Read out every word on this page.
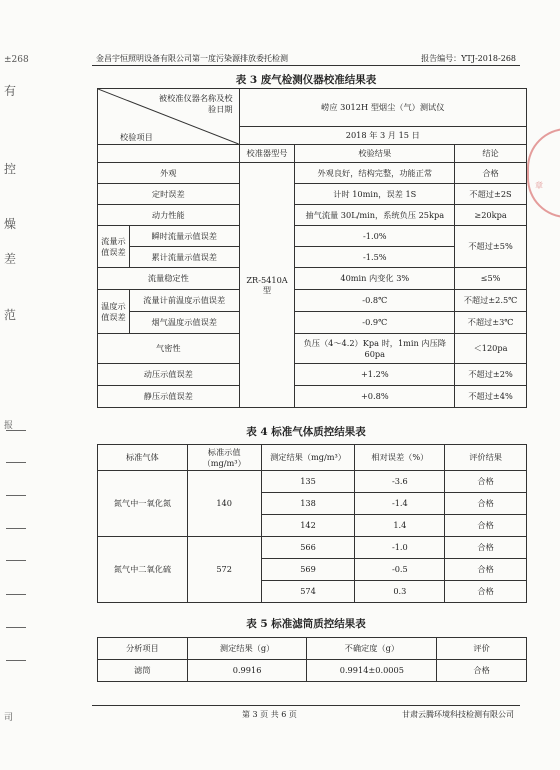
±268
有
控
燥
差
范
报
司
金昌宇恒照明设备有限公司第一度污染源排放委托检测	报告编号：YTJ-2018-268
表 3 废气检测仪器校准结果表
被校准仪器名称及校验日期
校验项目		崂应 3012H 型烟尘（气）测试仪		
		2018 年 3 月 15 日		
		校准器型号	校验结果	结论
外观		ZR-5410A 型	外观良好，结构完整，功能正常	合格
定时误差			计时 10min，误差 1S	不超过±2S
动力性能			抽气流量 30L/min，系统负压 25kpa	≥20kpa
流量示值误差	瞬时流量示值误差		-1.0%	不超过±5%
	累计流量示值误差		-1.5%	
流量稳定性			40min 内变化 3%	≤5%
温度示值误差	流量计前温度示值误差		-0.8℃	不超过±2.5℃
	烟气温度示值误差		-0.9℃	不超过±3℃
气密性			负压（4～4.2）Kpa 时，1min 内压降 60pa	＜120pa
动压示值误差			+1.2%	不超过±2%
静压示值误差			+0.8%	不超过±4%
表 4 标准气体质控结果表
标准气体	标准示值（mg/m³）	测定结果（mg/m³）	相对误差（%）	评价结果
氮气中一氧化氮	140	135	-3.6	合格
		138	-1.4	合格
		142	1.4	合格
氮气中二氧化硫	572	566	-1.0	合格
		569	-0.5	合格
		574	0.3	合格
表 5 标准滤筒质控结果表
分析项目	测定结果（g）	不确定度（g）	评价
滤筒	0.9916	0.9914±0.0005	合格
第 3 页 共 6 页	甘肃云腾环境科技检测有限公司
章
